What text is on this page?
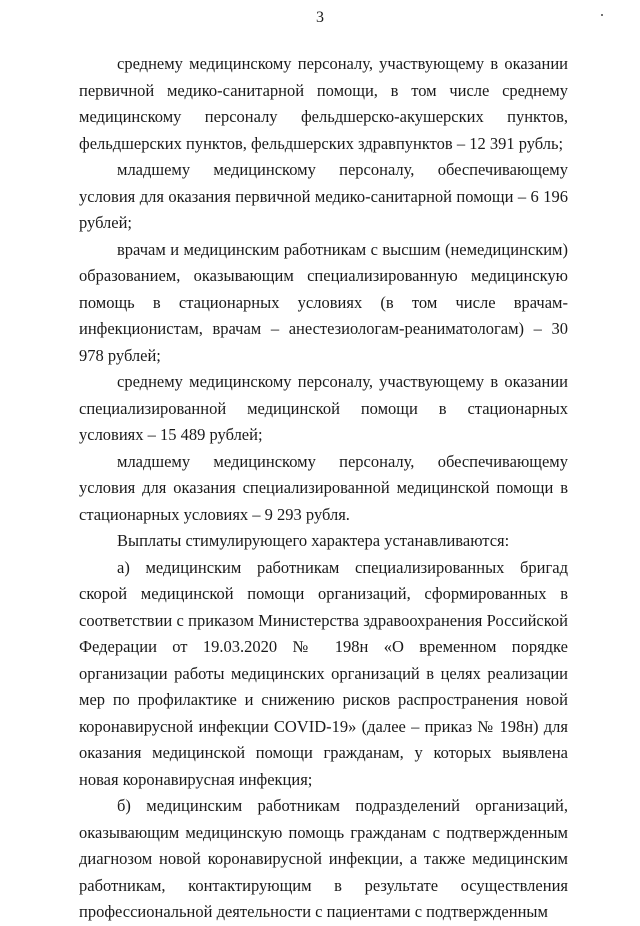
3

среднему медицинскому персоналу, участвующему в оказании первичной медико-санитарной помощи, в том числе среднему медицинскому персоналу фельдшерско-акушерских пунктов, фельдшерских пунктов, фельдшерских здравпунктов – 12 391 рубль;

младшему медицинскому персоналу, обеспечивающему условия для оказания первичной медико-санитарной помощи – 6 196 рублей;

врачам и медицинским работникам с высшим (немедицинским) образованием, оказывающим специализированную медицинскую помощь в стационарных условиях (в том числе врачам-инфекционистам, врачам – анестезиологам-реаниматологам) – 30 978 рублей;

среднему медицинскому персоналу, участвующему в оказании специализированной медицинской помощи в стационарных условиях – 15 489 рублей;

младшему медицинскому персоналу, обеспечивающему условия для оказания специализированной медицинской помощи в стационарных условиях – 9 293 рубля.

Выплаты стимулирующего характера устанавливаются:

а) медицинским работникам специализированных бригад скорой медицинской помощи организаций, сформированных в соответствии с приказом Министерства здравоохранения Российской Федерации от 19.03.2020 № 198н «О временном порядке организации работы медицинских организаций в целях реализации мер по профилактике и снижению рисков распространения новой коронавирусной инфекции COVID-19» (далее – приказ № 198н) для оказания медицинской помощи гражданам, у которых выявлена новая коронавирусная инфекция;

б) медицинским работникам подразделений организаций, оказывающим медицинскую помощь гражданам с подтвержденным диагнозом новой коронавирусной инфекции, а также медицинским работникам, контактирующим в результате осуществления профессиональной деятельности с пациентами с подтвержденным
